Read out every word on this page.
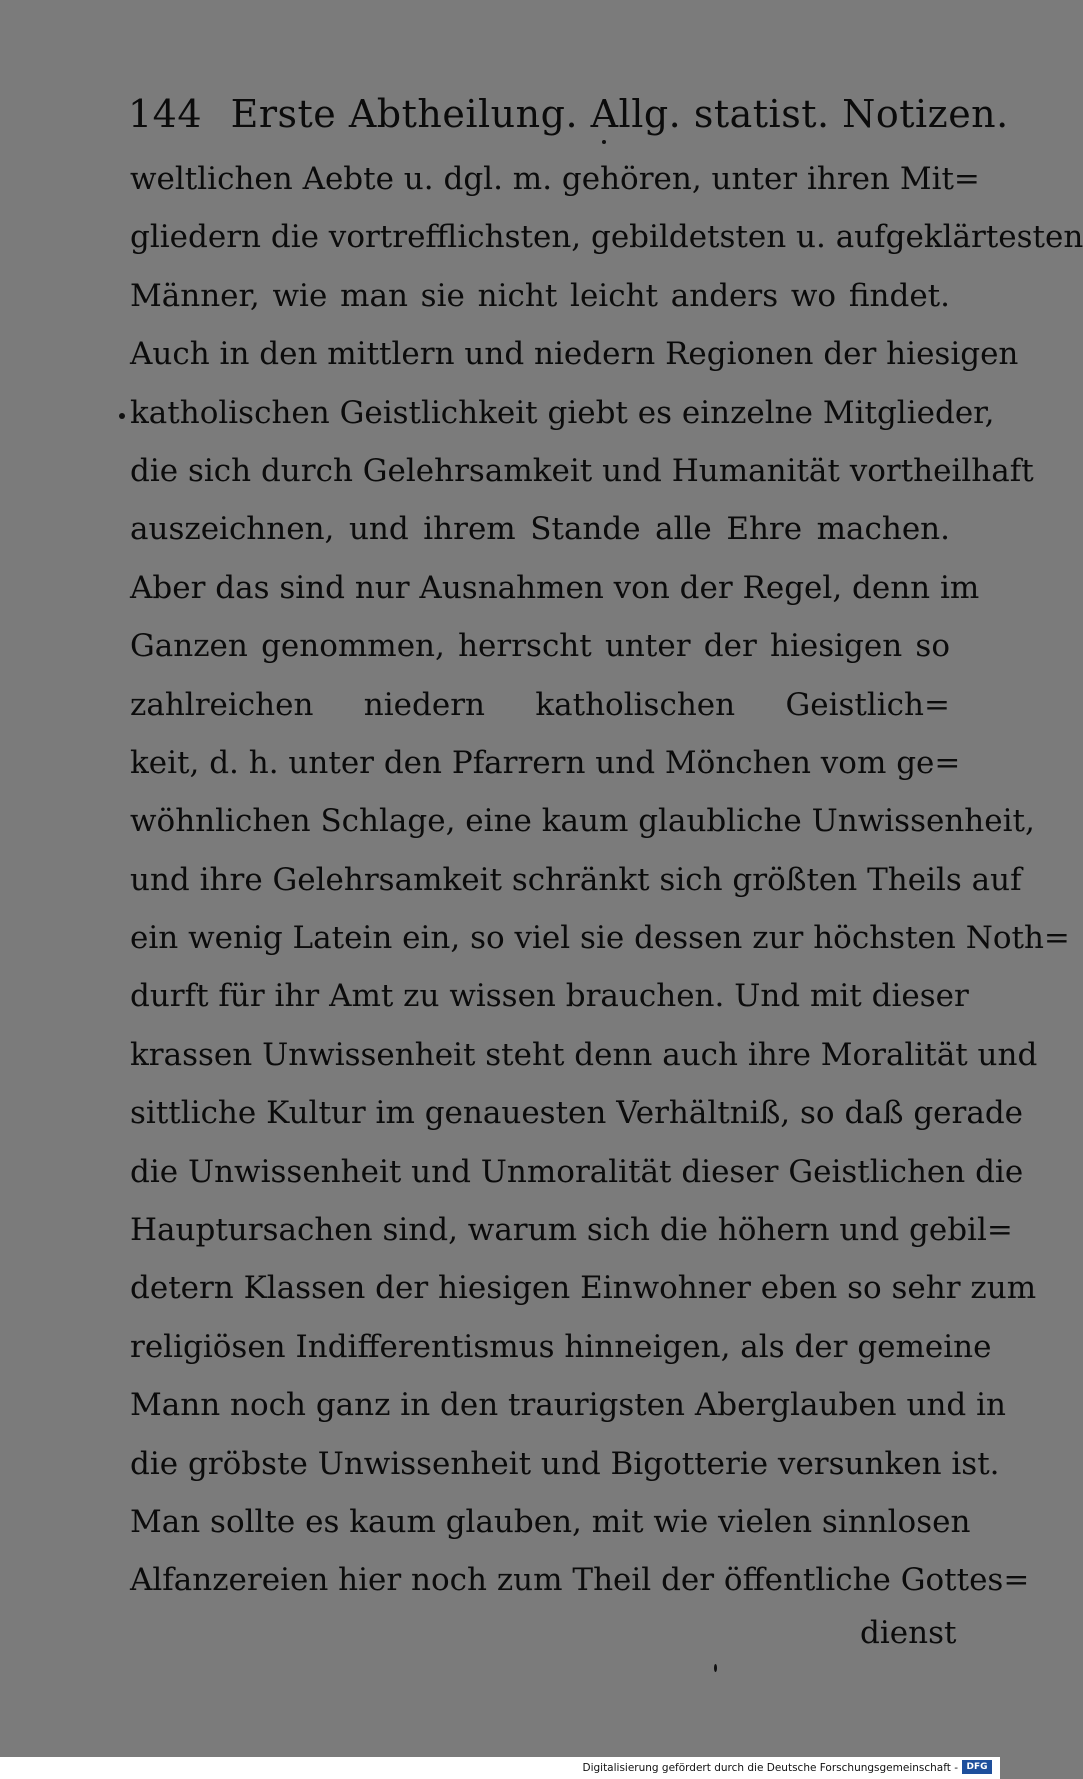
144 Erste Abtheilung. Allg. statist. Notizen.
weltlichen Aebte u. dgl. m. gehören, unter ihren Mit=
gliedern die vortrefflichsten, gebildetsten u. aufgeklärtesten
Männer, wie man sie nicht leicht anders wo findet.
Auch in den mittlern und niedern Regionen der hiesigen
katholischen Geistlichkeit giebt es einzelne Mitglieder,
die sich durch Gelehrsamkeit und Humanität vortheilhaft
auszeichnen, und ihrem Stande alle Ehre machen.
Aber das sind nur Ausnahmen von der Regel, denn im
Ganzen genommen, herrscht unter der hiesigen so
zahlreichen niedern katholischen Geistlich=
keit, d. h. unter den Pfarrern und Mönchen vom ge=
wöhnlichen Schlage, eine kaum glaubliche Unwissenheit,
und ihre Gelehrsamkeit schränkt sich größten Theils auf
ein wenig Latein ein, so viel sie dessen zur höchsten Noth=
durft für ihr Amt zu wissen brauchen. Und mit dieser
krassen Unwissenheit steht denn auch ihre Moralität und
sittliche Kultur im genauesten Verhältniß, so daß gerade
die Unwissenheit und Unmoralität dieser Geistlichen die
Hauptursachen sind, warum sich die höhern und gebil=
detern Klassen der hiesigen Einwohner eben so sehr zum
religiösen Indifferentismus hinneigen, als der gemeine
Mann noch ganz in den traurigsten Aberglauben und in
die gröbste Unwissenheit und Bigotterie versunken ist.
Man sollte es kaum glauben, mit wie vielen sinnlosen
Alfanzereien hier noch zum Theil der öffentliche Gottes=
dienst
Digitalisierung gefördert durch die Deutsche Forschungsgemeinschaft - DFG
